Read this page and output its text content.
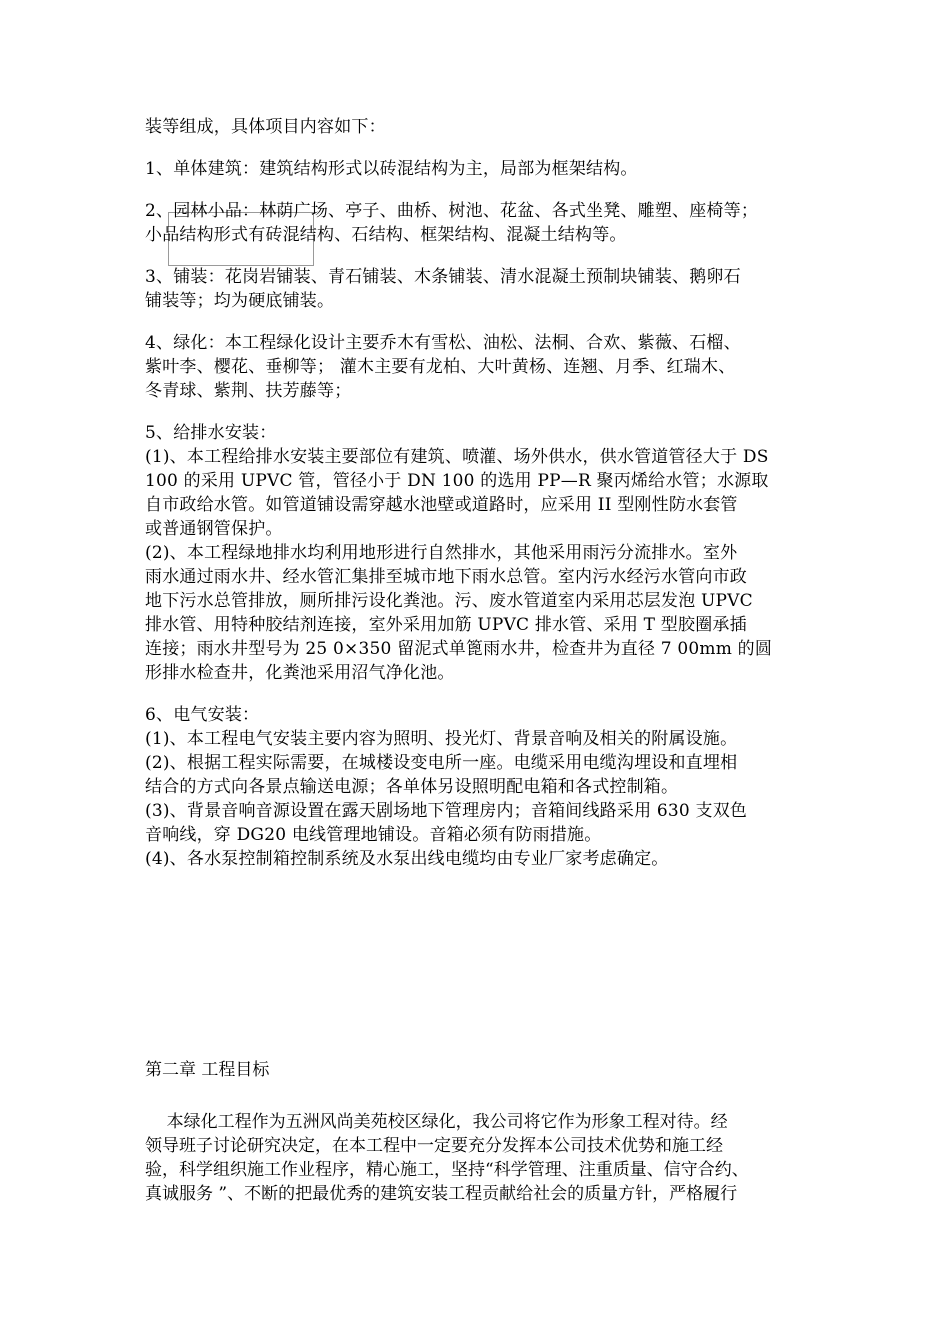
装等组成，具体项目内容如下：
1、单体建筑：建筑结构形式以砖混结构为主，局部为框架结构。
2、园林小品：林荫广场、亭子、曲桥、树池、花盆、各式坐凳、雕塑、座椅等；
小品结构形式有砖混结构、石结构、框架结构、混凝土结构等。
3、铺装：花岗岩铺装、青石铺装、木条铺装、清水混凝土预制块铺装、鹅卵石
铺装等；均为硬底铺装。
4、绿化：本工程绿化设计主要乔木有雪松、油松、法桐、合欢、紫薇、石榴、
紫叶李、樱花、垂柳等； 灌木主要有龙柏、大叶黄杨、连翘、月季、红瑞木、
冬青球、紫荆、扶芳藤等；
5、给排水安装：
(1)、本工程给排水安装主要部位有建筑、喷灌、场外供水，供水管道管径大于 DS
100 的采用 UPVC 管，管径小于 DN 100 的选用 PP—R 聚丙烯给水管；水源取
自市政给水管。如管道铺设需穿越水池壁或道路时，应采用 II 型刚性防水套管
或普通钢管保护。
(2)、本工程绿地排水均利用地形进行自然排水，其他采用雨污分流排水。室外
雨水通过雨水井、经水管汇集排至城市地下雨水总管。室内污水经污水管向市政
地下污水总管排放，厕所排污设化粪池。污、废水管道室内采用芯层发泡 UPVC
排水管、用特种胶结剂连接，室外采用加筋 UPVC 排水管、采用 T 型胶圈承插
连接；雨水井型号为 25 0×350 留泥式单篦雨水井，检查井为直径 7 00mm 的圆
形排水检查井，化粪池采用沼气净化池。
6、电气安装：
(1)、本工程电气安装主要内容为照明、投光灯、背景音响及相关的附属设施。
(2)、根据工程实际需要，在城楼设变电所一座。电缆采用电缆沟埋设和直埋相
结合的方式向各景点输送电源；各单体另设照明配电箱和各式控制箱。
(3)、背景音响音源设置在露天剧场地下管理房内；音箱间线路采用 630 支双色
音响线，穿 DG20 电线管理地铺设。音箱必须有防雨措施。
(4)、各水泵控制箱控制系统及水泵出线电缆均由专业厂家考虑确定。
第二章 工程目标
本绿化工程作为五洲风尚美苑校区绿化，我公司将它作为形象工程对待。经
领导班子讨论研究决定，在本工程中一定要充分发挥本公司技术优势和施工经
验，科学组织施工作业程序，精心施工，坚持“科学管理、注重质量、信守合约、
真诚服务 ”、不断的把最优秀的建筑安装工程贡献给社会的质量方针，严格履行
